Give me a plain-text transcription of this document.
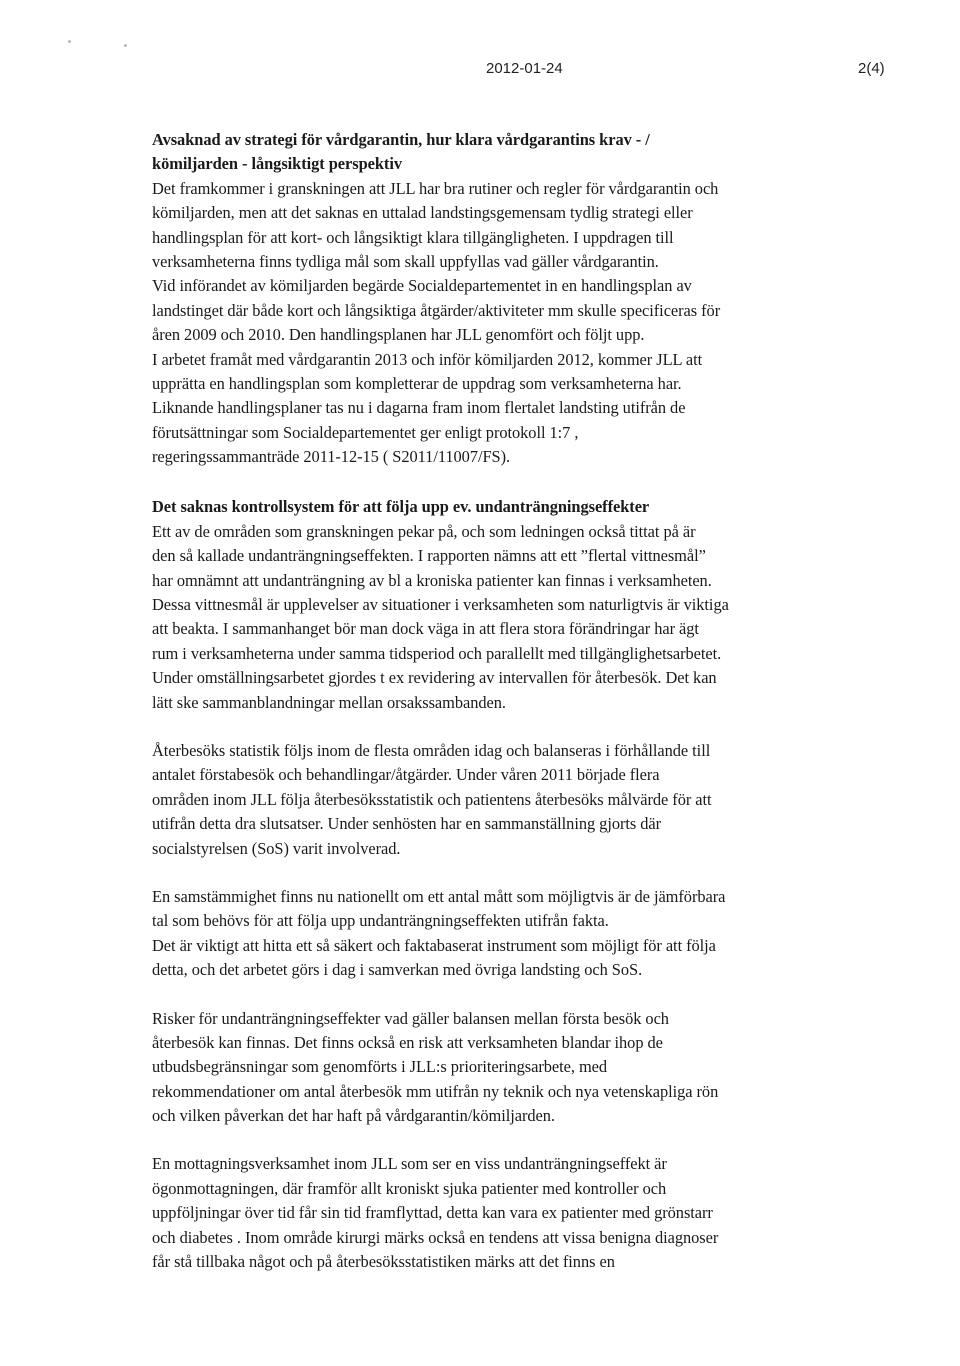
2012-01-24	2(4)
Avsaknad av strategi för vårdgarantin, hur klara vårdgarantins krav - /
kömiljarden - långsiktigt perspektiv
Det framkommer i granskningen att JLL har bra rutiner och regler för vårdgarantin och
kömiljarden, men att det saknas en uttalad landstingsgemensam tydlig strategi eller
handlingsplan för att kort- och långsiktigt klara tillgängligheten. I uppdragen till
verksamheterna finns tydliga mål som skall uppfyllas vad gäller vårdgarantin.
Vid införandet av kömiljarden begärde Socialdepartementet in en handlingsplan av
landstinget där både kort och långsiktiga åtgärder/aktiviteter mm skulle specificeras för
åren 2009 och 2010. Den handlingsplanen har JLL genomfört och följt upp.
I arbetet framåt med vårdgarantin 2013 och inför kömiljarden 2012, kommer JLL att
upprätta en handlingsplan som kompletterar de uppdrag som verksamheterna har.
Liknande handlingsplaner tas nu i dagarna fram inom flertalet landsting utifrån de
förutsättningar som Socialdepartementet ger enligt protokoll 1:7 ,
regeringssammanträde 2011-12-15 ( S2011/11007/FS).
Det saknas kontrollsystem för att följa upp ev. undanträngningseffekter
Ett av de områden som granskningen pekar på, och som ledningen också tittat på är
den så kallade undanträngningseffekten. I rapporten nämns att ett ”flertal vittnesmål”
har omnämnt att undanträngning av bl a kroniska patienter kan finnas i verksamheten.
Dessa vittnesmål är upplevelser av situationer i verksamheten som naturligtvis är viktiga
att beakta. I sammanhanget bör man dock väga in att flera stora förändringar har ägt
rum i verksamheterna under samma tidsperiod och parallellt med tillgänglighetsarbetet.
Under omställningsarbetet gjordes t ex revidering av intervallen för återbesök. Det kan
lätt ske sammanblandningar mellan orsakssambanden.
Återbesöks statistik följs inom de flesta områden idag och balanseras i förhållande till
antalet förstabesök och behandlingar/åtgärder. Under våren 2011 började flera
områden inom JLL följa återbesöksstatistik och patientens återbesöks målvärde för att
utifrån detta dra slutsatser. Under senhösten har en sammanställning gjorts där
socialstyrelsen (SoS) varit involverad.
En samstämmighet finns nu nationellt om ett antal mått som möjligtvis är de jämförbara
tal som behövs för att följa upp undanträngningseffekten utifrån fakta.
Det är viktigt att hitta ett så säkert och faktabaserat instrument som möjligt för att följa
detta, och det arbetet görs i dag i samverkan med övriga landsting och SoS.
Risker för undanträngningseffekter vad gäller balansen mellan första besök och
återbesök kan finnas. Det finns också en risk att verksamheten blandar ihop de
utbudsbegränsningar som genomförts i JLL:s prioriteringsarbete, med
rekommendationer om antal återbesök mm utifrån ny teknik och nya vetenskapliga rön
och vilken påverkan det har haft på vårdgarantin/kömiljarden.
En mottagningsverksamhet inom JLL som ser en viss undanträngningseffekt är
ögonmottagningen, där framför allt kroniskt sjuka patienter med kontroller och
uppföljningar över tid får sin tid framflyttad, detta kan vara ex patienter med grönstarr
och diabetes . Inom område kirurgi märks också en tendens att vissa benigna diagnoser
får stå tillbaka något och på återbesöksstatistiken märks att det finns en
